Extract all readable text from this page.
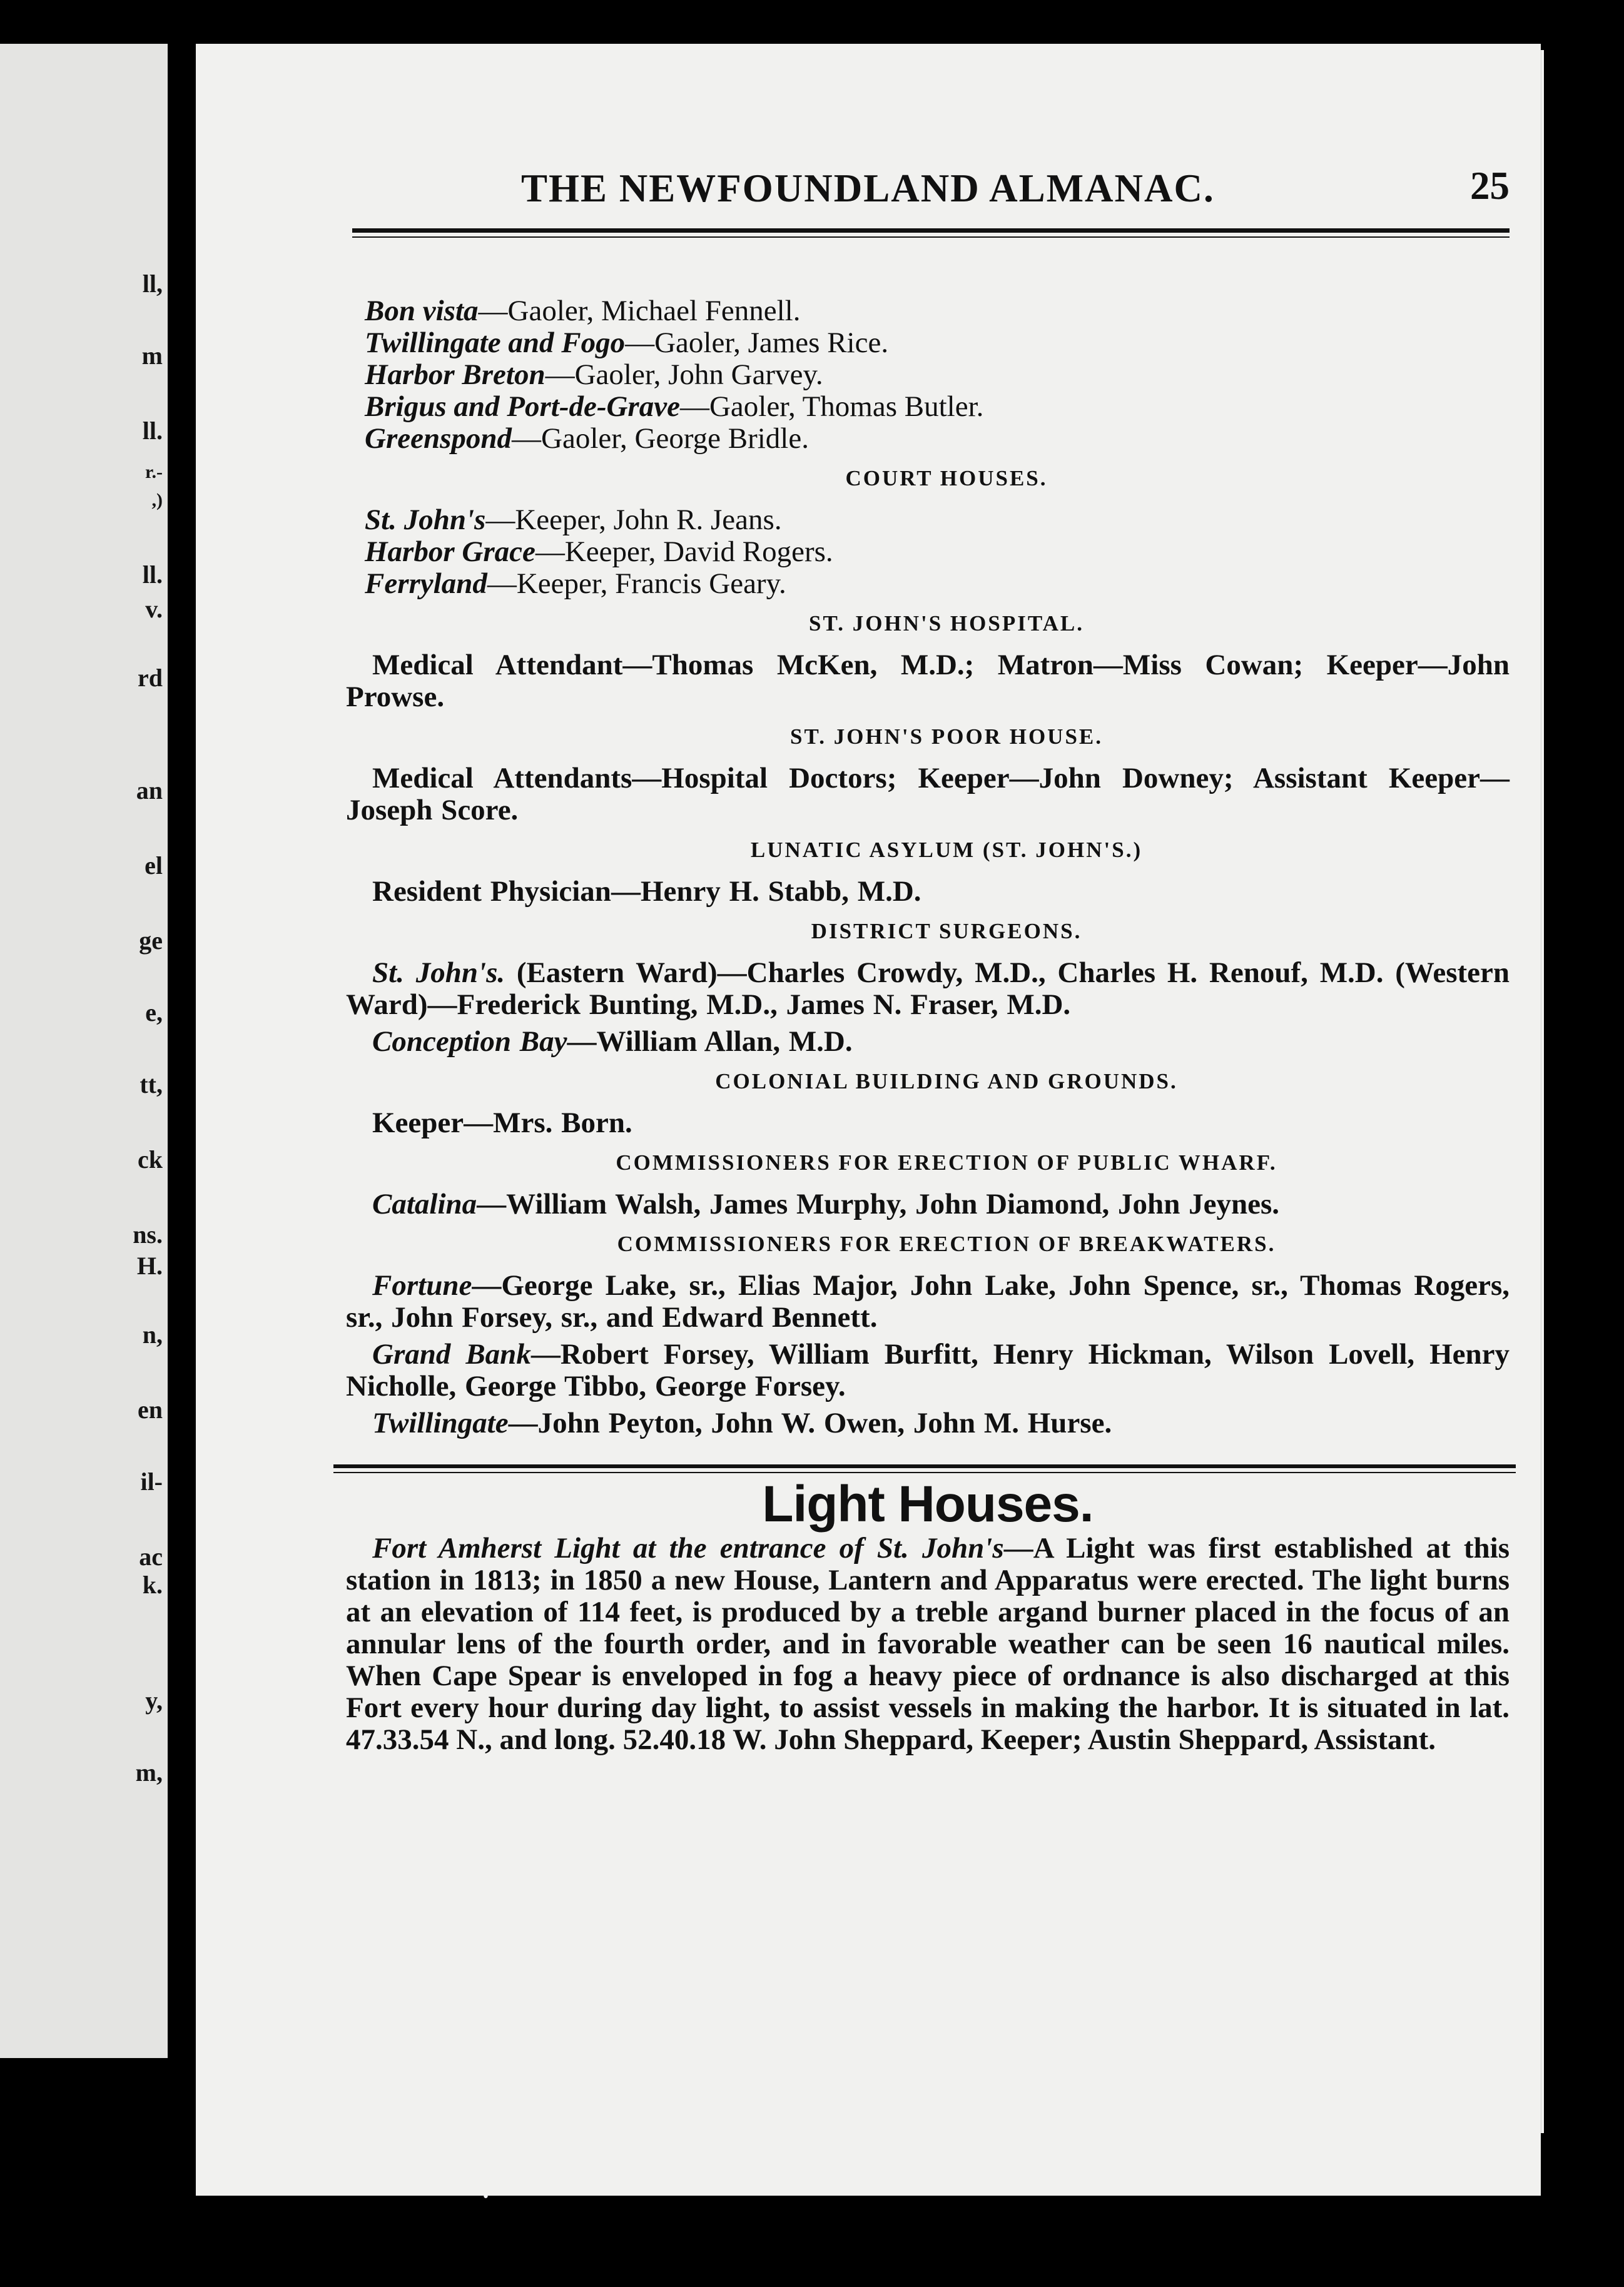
ll,
m
ll.
r.-
,)
ll.
v.
rd
an
el
ge
e,
tt,
ck
ns.
H.
n,
en
il-
ac
k.
y,
m,
THE NEWFOUNDLAND ALMANAC.	25

Bon vista—Gaoler, Michael Fennell.

Twillingate and Fogo—Gaoler, James Rice.

Harbor Breton—Gaoler, John Garvey.

Brigus and Port-de-Grave—Gaoler, Thomas Butler.

Greenspond—Gaoler, George Bridle.

COURT HOUSES.

St. John's—Keeper, John R. Jeans.

Harbor Grace—Keeper, David Rogers.

Ferryland—Keeper, Francis Geary.

ST. JOHN'S HOSPITAL.

Medical Attendant—Thomas McKen, M.D.; Matron—Miss Cowan; Keeper—John Prowse.

ST. JOHN'S POOR HOUSE.

Medical Attendants—Hospital Doctors; Keeper—John Downey; Assistant Keeper—Joseph Score.

LUNATIC ASYLUM (ST. JOHN'S.)

Resident Physician—Henry H. Stabb, M.D.

DISTRICT SURGEONS.

St. John's. (Eastern Ward)—Charles Crowdy, M.D., Charles H. Renouf, M.D. (Western Ward)—Frederick Bunting, M.D., James N. Fraser, M.D.

Conception Bay—William Allan, M.D.

COLONIAL BUILDING AND GROUNDS.

Keeper—Mrs. Born.

COMMISSIONERS FOR ERECTION OF PUBLIC WHARF.

Catalina—William Walsh, James Murphy, John Diamond, John Jeynes.

COMMISSIONERS FOR ERECTION OF BREAKWATERS.

Fortune—George Lake, sr., Elias Major, John Lake, John Spence, sr., Thomas Rogers, sr., John Forsey, sr., and Edward Bennett.

Grand Bank—Robert Forsey, William Burfitt, Henry Hickman, Wilson Lovell, Henry Nicholle, George Tibbo, George Forsey.

Twillingate—John Peyton, John W. Owen, John M. Hurse.

Light Houses.

Fort Amherst Light at the entrance of St. John's—A Light was first established at this station in 1813; in 1850 a new House, Lantern and Apparatus were erected. The light burns at an elevation of 114 feet, is produced by a treble argand burner placed in the focus of an annular lens of the fourth order, and in favorable weather can be seen 16 nautical miles. When Cape Spear is enveloped in fog a heavy piece of ordnance is also discharged at this Fort every hour during day light, to assist vessels in making the harbor. It is situated in lat. 47.33.54 N., and long. 52.40.18 W. John Sheppard, Keeper; Austin Sheppard, Assistant.

•
